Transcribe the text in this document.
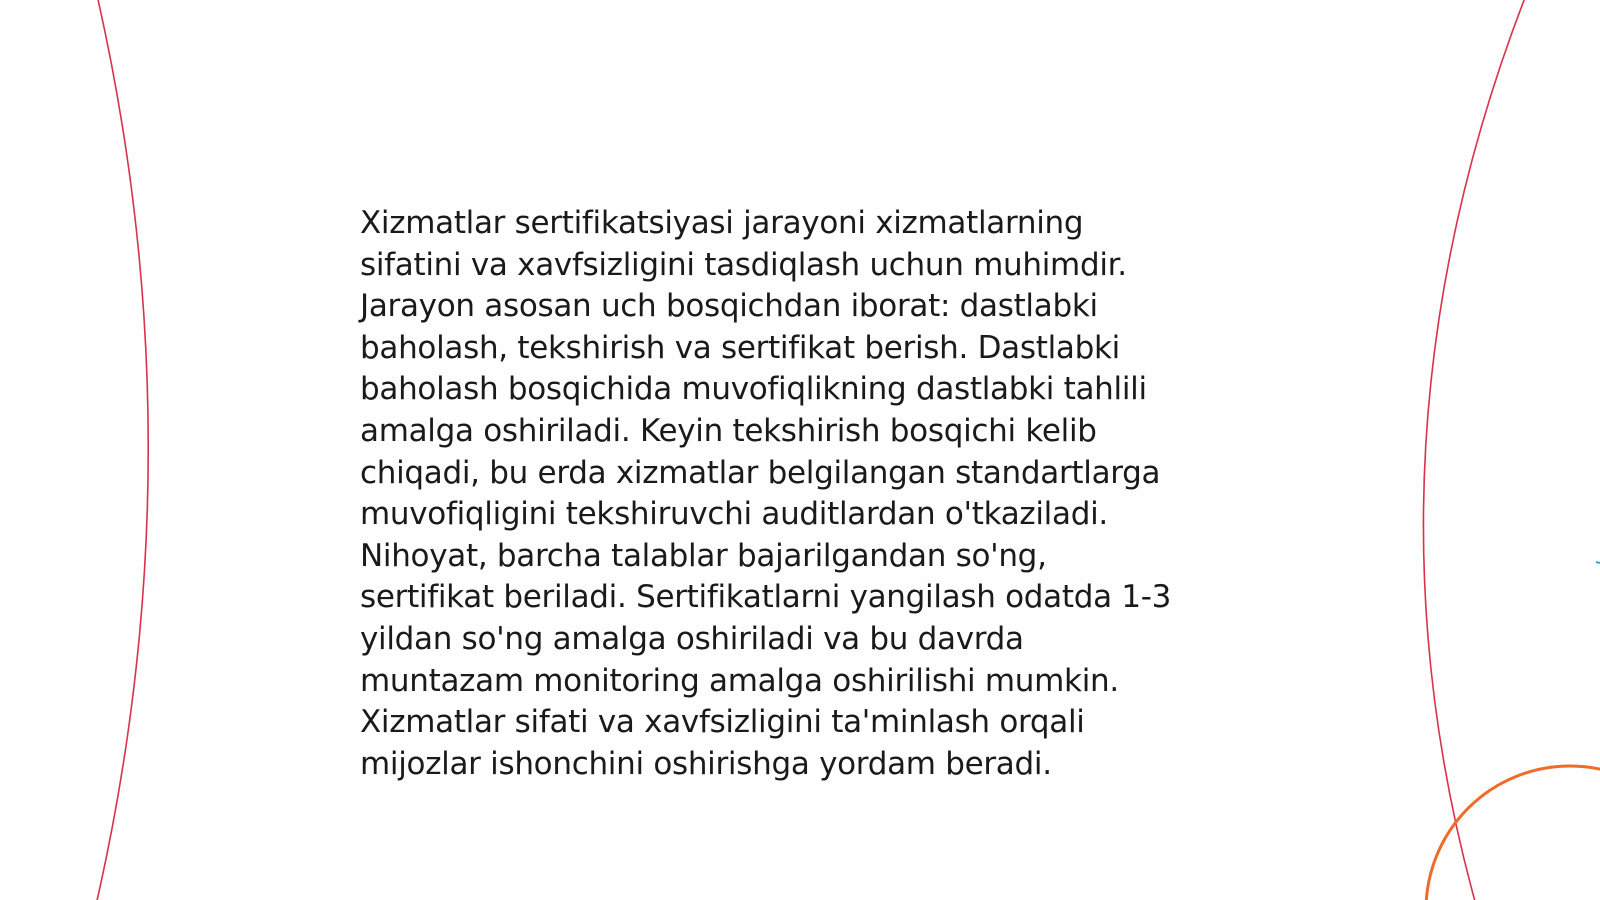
Xizmatlar sertifikatsiyasi jarayoni xizmatlarning
sifatini va xavfsizligini tasdiqlash uchun muhimdir.
Jarayon asosan uch bosqichdan iborat: dastlabki
baholash, tekshirish va sertifikat berish. Dastlabki
baholash bosqichida muvofiqlikning dastlabki tahlili
amalga oshiriladi. Keyin tekshirish bosqichi kelib
chiqadi, bu erda xizmatlar belgilangan standartlarga
muvofiqligini tekshiruvchi auditlardan o'tkaziladi.
Nihoyat, barcha talablar bajarilgandan so'ng,
sertifikat beriladi. Sertifikatlarni yangilash odatda 1-3
yildan so'ng amalga oshiriladi va bu davrda
muntazam monitoring amalga oshirilishi mumkin.
Xizmatlar sifati va xavfsizligini ta'minlash orqali
mijozlar ishonchini oshirishga yordam beradi.
